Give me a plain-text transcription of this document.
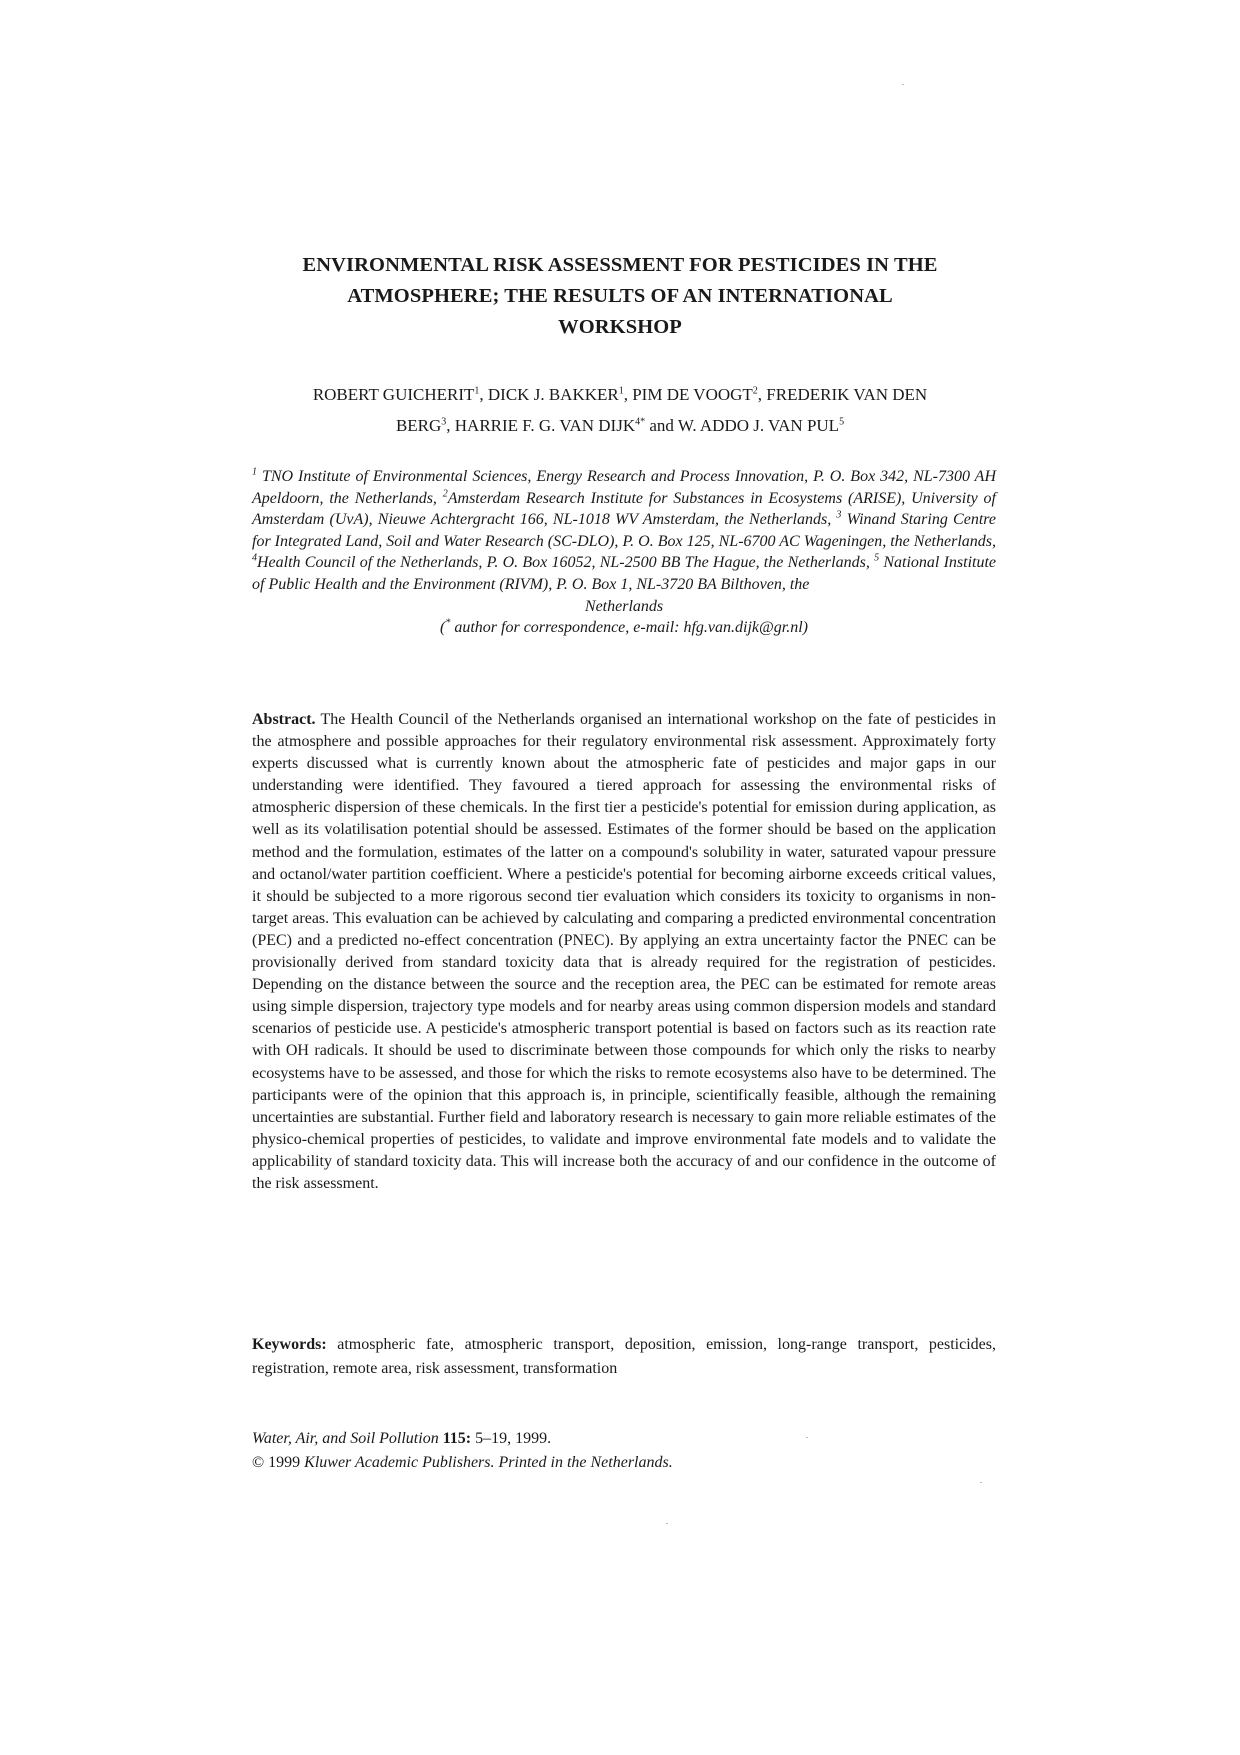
ENVIRONMENTAL RISK ASSESSMENT FOR PESTICIDES IN THE
ATMOSPHERE; THE RESULTS OF AN INTERNATIONAL
WORKSHOP
ROBERT GUICHERIT$^1$, DICK J. BAKKER$^1$, PIM DE VOOGT$^2$, FREDERIK VAN DEN
BERG$^3$, HARRIE F. G. VAN $DIJK^{4*}$ and W. ADDO J. VAN PUL$^5$
$^1$ TNO Institute of Environmental Sciences, Energy Research and Process Innovation, P. O. Box 342, NL-7300 AH Apeldoorn, the Netherlands, $^2$Amsterdam Research Institute for Substances in Ecosystems (ARISE), University of Amsterdam (UvA), Nieuwe Achtergracht 166, NL-1018 WV Amsterdam, the Netherlands, $^3$ Winand Staring Centre for Integrated Land, Soil and Water Research (SC-DLO), P. O. Box 125, NL-6700 AC Wageningen, the Netherlands, $^4$Health Council of the Netherlands, P. O. Box 16052, NL-2500 BB The Hague, the Netherlands, $^5$ National Institute of Public Health and the Environment (RIVM), P. O. Box 1, NL-3720 BA Bilthoven, the
Netherlands
(* author for correspondence, e-mail: hfg.van.dijk@gr.nl)

Abstract. The Health Council of the Netherlands organised an international workshop on the fate of pesticides in the atmosphere and possible approaches for their regulatory environmental risk assessment. Approximately forty experts discussed what is currently known about the atmospheric fate of pesticides and major gaps in our understanding were identified. They favoured a tiered approach for assessing the environmental risks of atmospheric dispersion of these chemicals. In the first tier a pesticide's potential for emission during application, as well as its volatilisation potential should be assessed. Estimates of the former should be based on the application method and the formulation, estimates of the latter on a compound's solubility in water, saturated vapour pressure and octanol/water partition coefficient. Where a pesticide's potential for becoming airborne exceeds critical values, it should be subjected to a more rigorous second tier evaluation which considers its toxicity to organisms in non-target areas. This evaluation can be achieved by calculating and comparing a predicted environmental concentration (PEC) and a predicted no-effect concentration (PNEC). By applying an extra uncertainty factor the PNEC can be provisionally derived from standard toxicity data that is already required for the registration of pesticides. Depending on the distance between the source and the reception area, the PEC can be estimated for remote areas using simple dispersion, trajectory type models and for nearby areas using common dispersion models and standard scenarios of pesticide use. A pesticide's atmospheric transport potential is based on factors such as its reaction rate with OH radicals. It should be used to discriminate between those compounds for which only the risks to nearby ecosystems have to be assessed, and those for which the risks to remote ecosystems also have to be determined. The participants were of the opinion that this approach is, in principle, scientifically feasible, although the remaining uncertainties are substantial. Further field and laboratory research is necessary to gain more reliable estimates of the physico-chemical properties of pesticides, to validate and improve environmental fate models and to validate the applicability of standard toxicity data. This will increase both the accuracy of and our confidence in the outcome of the risk assessment.

Keywords: atmospheric fate, atmospheric transport, deposition, emission, long-range transport, pesticides, registration, remote area, risk assessment, transformation

Water, Air, and Soil Pollution 115: 5–19, 1999.
© 1999 Kluwer Academic Publishers. Printed in the Netherlands.
